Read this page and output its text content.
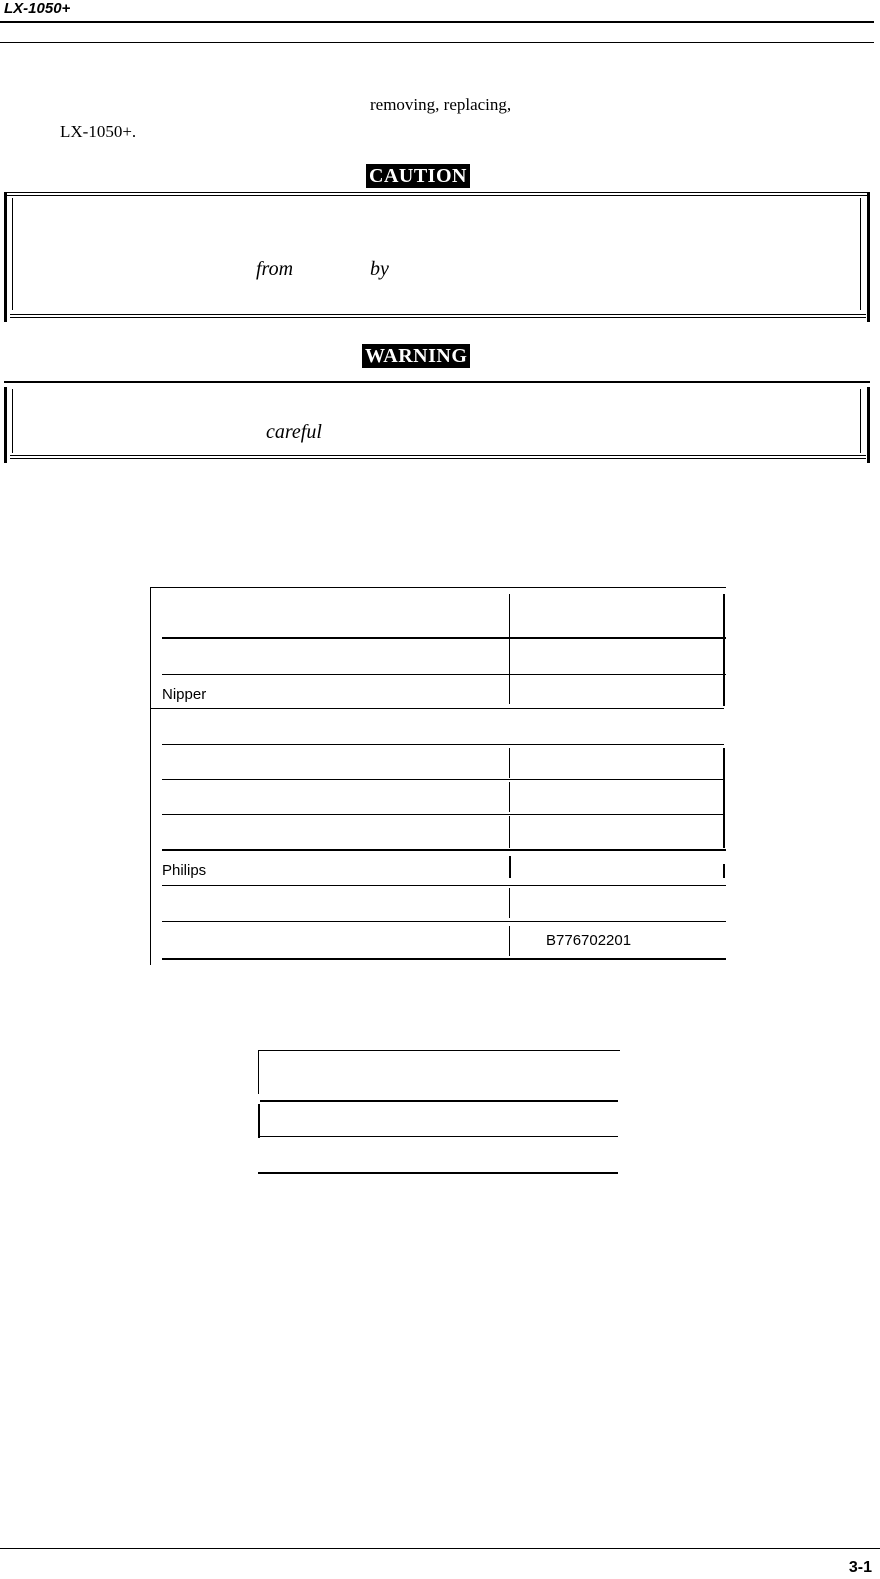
LX-1050+
removing, replacing,
LX-1050+.
CAUTION
from	by
WARNING
careful
Nipper
Philips
B776702201
3-1
